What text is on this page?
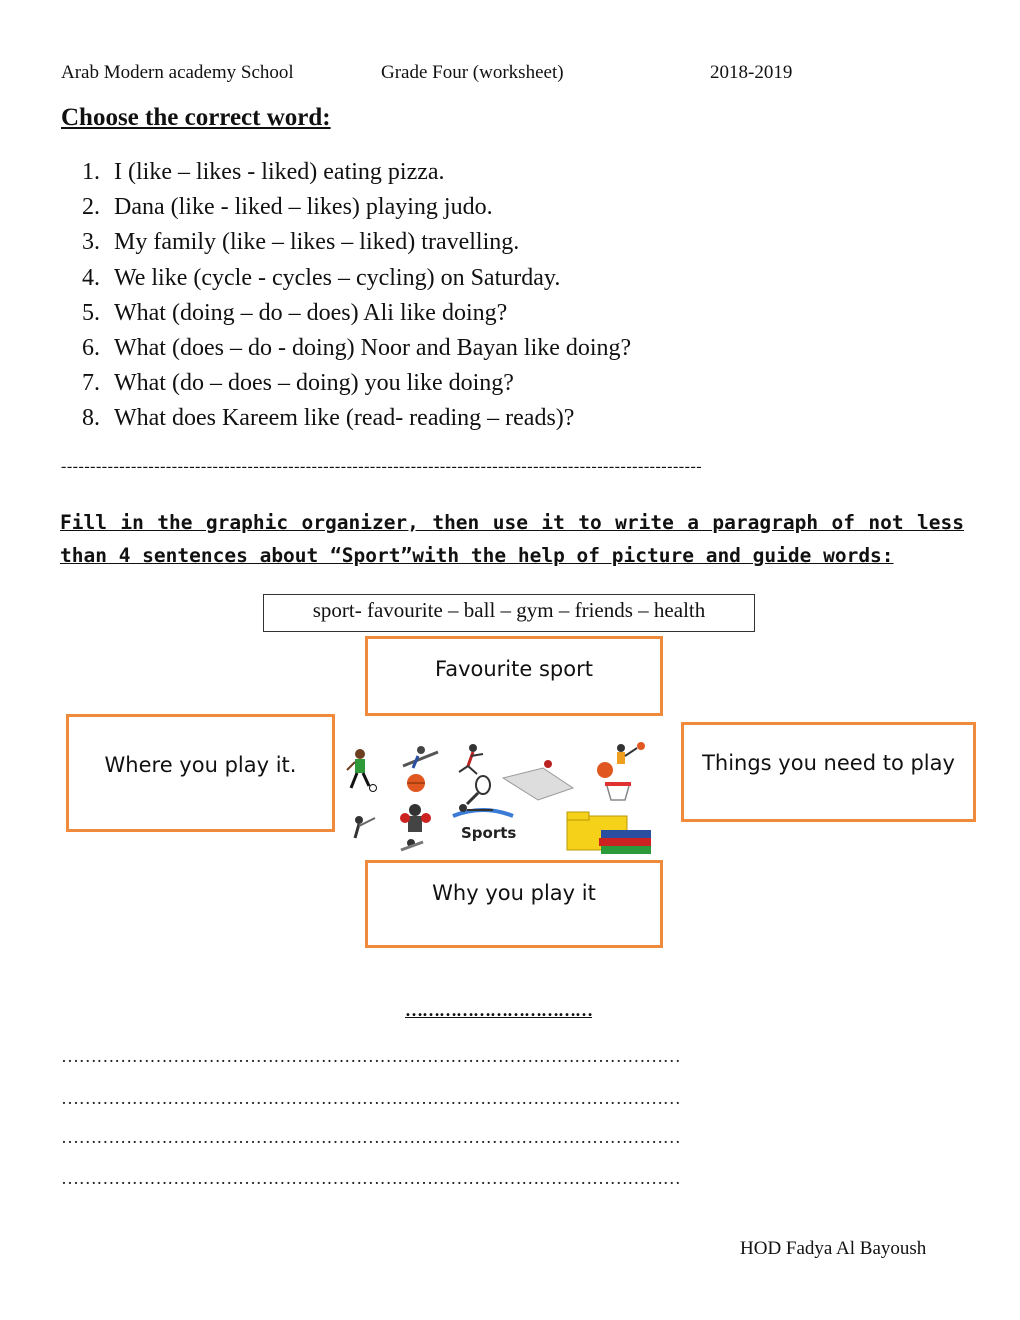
Arab Modern academy School	Grade Four (worksheet)	2018-2019
Choose the correct word:
1. I (like – likes - liked) eating pizza.
2. Dana (like - liked – likes) playing judo.
3. My family (like – likes – liked) travelling.
4. We like (cycle - cycles – cycling) on Saturday.
5. What (doing – do – does) Ali like doing?
6. What (does – do - doing) Noor and Bayan like doing?
7. What (do – does – doing) you like doing?
8. What does Kareem like (read- reading – reads)?
--------------------------------------------------------------------------------------------------------------
Fill in the graphic organizer, then use it to write a paragraph of not less than 4 sentences about “Sport”with the help of picture and guide words:
sport- favourite – ball – gym – friends – health
Favourite sport
Where you play it.	Things you need to play
Why you play it
Sports
……………………………
……………………………………………………………………………………………
……………………………………………………………………………………………
……………………………………………………………………………………………
……………………………………………………………………………………………
HOD Fadya Al Bayoush
